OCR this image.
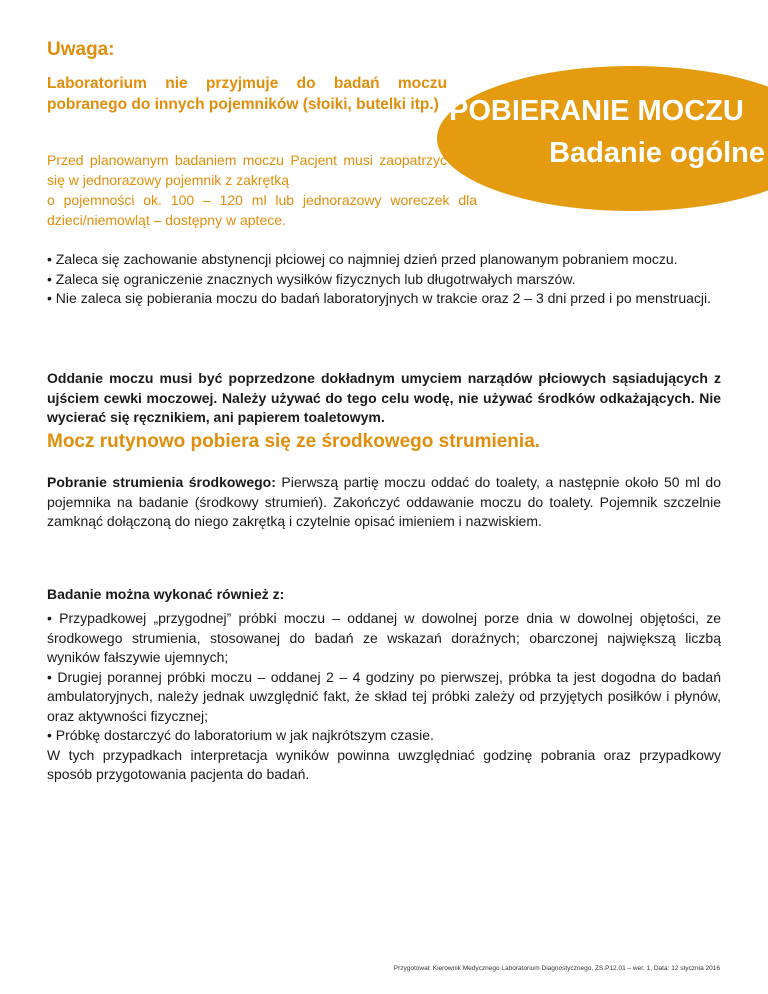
POBIERANIE MOCZU
Badanie ogólne
Uwaga:
Laboratorium nie przyjmuje do badań moczu pobranego do innych pojemników (słoiki, butelki itp.)
Przed planowanym badaniem moczu Pacjent musi zaopatrzyć się w jednorazowy pojemnik z zakrętką
o pojemności ok. 100 – 120 ml lub jednorazowy woreczek dla dzieci/niemowląt – dostępny w aptece.

• Zaleca się zachowanie abstynencji płciowej co najmniej dzień przed planowanym pobraniem moczu.

• Zaleca się ograniczenie znacznych wysiłków fizycznych lub długotrwałych marszów.

• Nie zaleca się pobierania moczu do badań laboratoryjnych w trakcie oraz 2 – 3 dni przed i po menstruacji.

Oddanie moczu musi być poprzedzone dokładnym umyciem narządów płciowych sąsiadujących z ujściem cewki moczowej. Należy używać do tego celu wodę, nie używać środków odkażających. Nie wycierać się ręcznikiem, ani papierem toaletowym.
Mocz rutynowo pobiera się ze środkowego strumienia.
Pobranie strumienia środkowego: Pierwszą partię moczu oddać do toalety, a następnie około 50 ml do pojemnika na badanie (środkowy strumień). Zakończyć oddawanie moczu do toalety. Pojemnik szczelnie zamknąć dołączoną do niego zakrętką i czytelnie opisać imieniem i nazwiskiem.
Badanie można wykonać również z:

• Przypadkowej „przygodnej” próbki moczu – oddanej w dowolnej porze dnia w dowolnej objętości, ze środkowego strumienia, stosowanej do badań ze wskazań doraźnych; obarczonej największą liczbą wyników fałszywie ujemnych;

• Drugiej porannej próbki moczu – oddanej 2 – 4 godziny po pierwszej, próbka ta jest dogodna do badań ambulatoryjnych, należy jednak uwzględnić fakt, że skład tej próbki zależy od przyjętych posiłków i płynów, oraz aktywności fizycznej;

• Próbkę dostarczyć do laboratorium w jak najkrótszym czasie.

W tych przypadkach interpretacja wyników powinna uwzględniać godzinę pobrania oraz przypadkowy sposób przygotowania pacjenta do badań.

Przygotował: Kierownik Medycznego Laboratorium Diagnostycznego, ZS.P12.01 – wer. 1, Data: 12 stycznia 2016
